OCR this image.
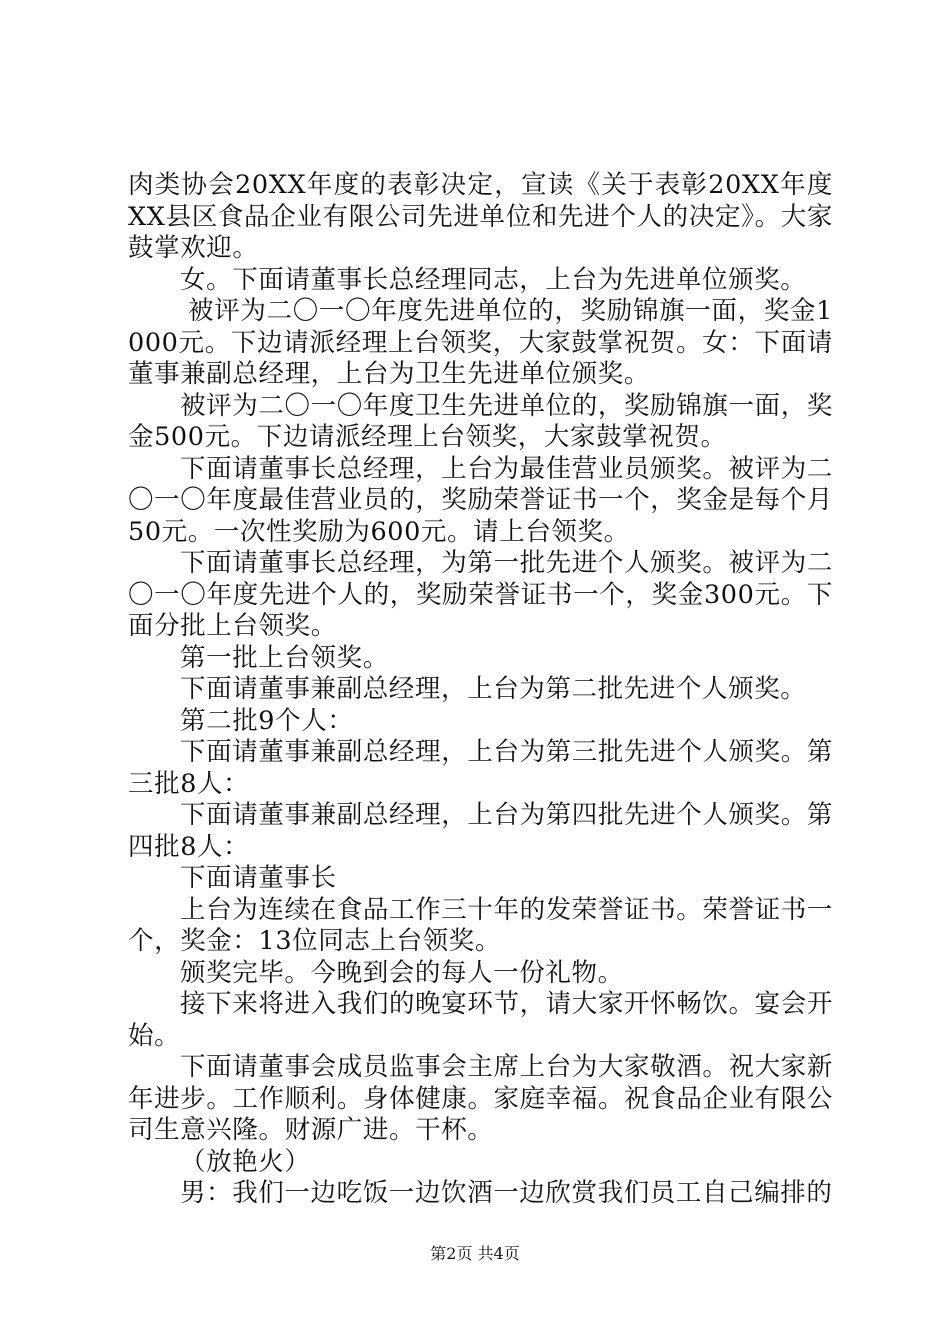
肉类协会20XX年度的表彰决定，宣读《关于表彰20XX年度XX县区食品企业有限公司先进单位和先进个人的决定》。大家鼓掌欢迎。

女。下面请董事长总经理同志，上台为先进单位颁奖。

被评为二〇一〇年度先进单位的，奖励锦旗一面，奖金1000元。下边请派经理上台领奖，大家鼓掌祝贺。女：下面请董事兼副总经理，上台为卫生先进单位颁奖。

被评为二〇一〇年度卫生先进单位的，奖励锦旗一面，奖金500元。下边请派经理上台领奖，大家鼓掌祝贺。

下面请董事长总经理，上台为最佳营业员颁奖。被评为二〇一〇年度最佳营业员的，奖励荣誉证书一个，奖金是每个月50元。一次性奖励为600元。请上台领奖。

下面请董事长总经理，为第一批先进个人颁奖。被评为二〇一〇年度先进个人的，奖励荣誉证书一个，奖金300元。下面分批上台领奖。

第一批上台领奖。

下面请董事兼副总经理，上台为第二批先进个人颁奖。

第二批9个人：

下面请董事兼副总经理，上台为第三批先进个人颁奖。第三批8人：

下面请董事兼副总经理，上台为第四批先进个人颁奖。第四批8人：

下面请董事长

上台为连续在食品工作三十年的发荣誉证书。荣誉证书一个，奖金：13位同志上台领奖。

颁奖完毕。今晚到会的每人一份礼物。

接下来将进入我们的晚宴环节，请大家开怀畅饮。宴会开始。

下面请董事会成员监事会主席上台为大家敬酒。祝大家新年进步。工作顺利。身体健康。家庭幸福。祝食品企业有限公司生意兴隆。财源广进。干杯。

（放艳火）

男：我们一边吃饭一边饮酒一边欣赏我们员工自己编排的

第2页 共4页
